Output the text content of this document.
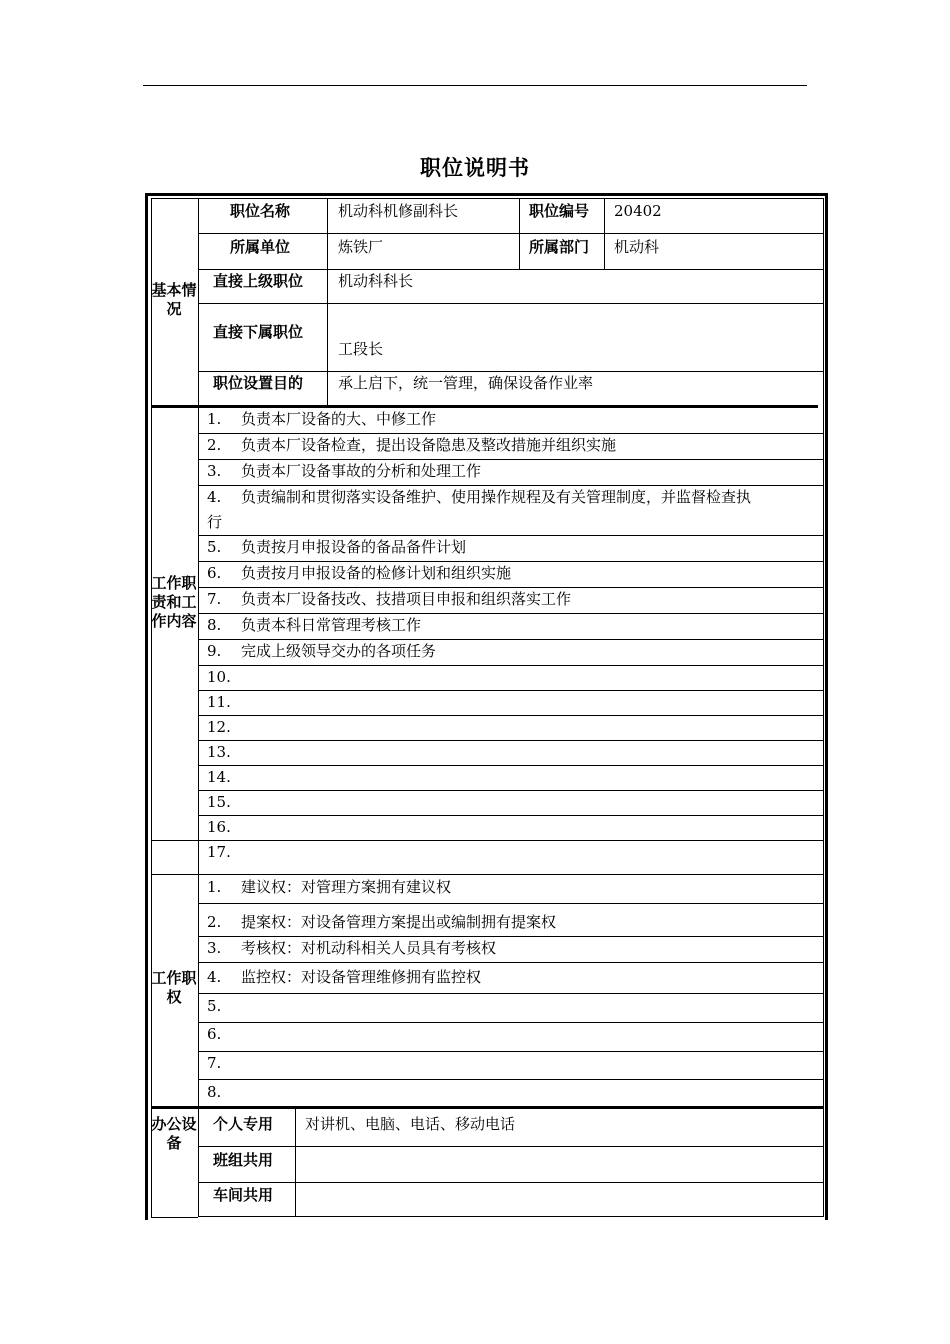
职位说明书
基本情况
职位名称	机动科机修副科长	职位编号 20402
所属单位	炼铁厂	所属部门 机动科
直接上级职位 机动科科长
直接下属职位
工段长
职位设置目的 承上启下，统一管理，确保设备作业率
工作职责和工作内容
1. 负责本厂设备的大、中修工作
2. 负责本厂设备检查，提出设备隐患及整改措施并组织实施
3. 负责本厂设备事故的分析和处理工作
4. 负责编制和贯彻落实设备维护、使用操作规程及有关管理制度，并监督检查执
行
5. 负责按月申报设备的备品备件计划
6. 负责按月申报设备的检修计划和组织实施
7. 负责本厂设备技改、技措项目申报和组织落实工作
8. 负责本科日常管理考核工作
9. 完成上级领导交办的各项任务
10.
11.
12.
13.
14.
15.
16.
17.
工作职权
1. 建议权：对管理方案拥有建议权
2. 提案权：对设备管理方案提出或编制拥有提案权
3. 考核权：对机动科相关人员具有考核权
4. 监控权：对设备管理维修拥有监控权
5.
6.
7.
8.
办公设备
个人专用 对讲机、电脑、电话、移动电话
班组共用
车间共用
